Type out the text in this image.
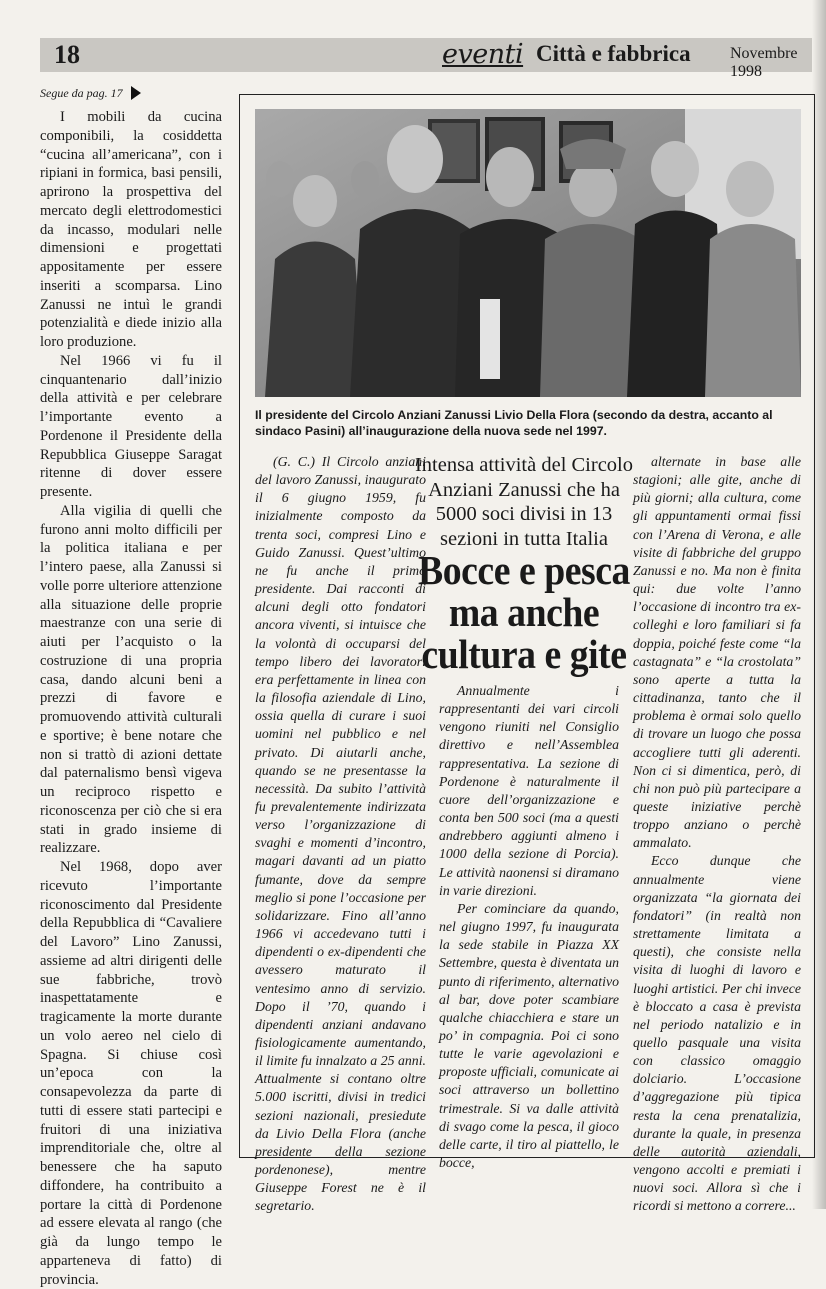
18	eventi Città e fabbrica Novembre 1998
Segue da pag. 17

I mobili da cucina componibili, la cosiddetta “cucina all’americana”, con i ripiani in formica, basi pensili, aprirono la prospettiva del mercato degli elettrodomestici da incasso, modulari nelle dimensioni e progettati appositamente per essere inseriti a scomparsa. Lino Zanussi ne intuì le grandi potenzialità e diede inizio alla loro produzione.

Nel 1966 vi fu il cinquantenario dall’inizio della attività e per celebrare l’importante evento a Pordenone il Presidente della Repubblica Giuseppe Saragat ritenne di dover essere presente.

Alla vigilia di quelli che furono anni molto difficili per la politica italiana e per l’intero paese, alla Zanussi si volle porre ulteriore attenzione alla situazione delle proprie maestranze con una serie di aiuti per l’acquisto o la costruzione di una propria casa, dando alcuni beni a prezzi di favore e promuovendo attività culturali e sportive; è bene notare che non si trattò di azioni dettate dal paternalismo bensì vigeva un reciproco rispetto e riconoscenza per ciò che si era stati in grado insieme di realizzare.

Nel 1968, dopo aver ricevuto l’importante riconoscimento dal Presidente della Repubblica di “Cavaliere del Lavoro” Lino Zanussi, assieme ad altri dirigenti delle sue fabbriche, trovò inaspettatamente e tragicamente la morte durante un volo aereo nel cielo di Spagna. Si chiuse così un’epoca con la consapevolezza da parte di tutti di essere stati partecipi e fruitori di una iniziativa imprenditoriale che, oltre al benessere che ha saputo diffondere, ha contribuito a portare la città di Pordenone ad essere elevata al rango (che già da lungo tempo le apparteneva di fatto) di provincia.

Il presidente del Circolo Anziani Zanussi Livio Della Flora (secondo da destra, accanto al sindaco Pasini) all’inaugurazione della nuova sede nel 1997.

(G. C.) Il Circolo anziani del lavoro Zanussi, inaugurato il 6 giugno 1959, fu inizialmente composto da trenta soci, compresi Lino e Guido Zanussi. Quest’ultimo ne fu anche il primo presidente. Dai racconti di alcuni degli otto fondatori ancora viventi, si intuisce che la volontà di occuparsi del tempo libero dei lavoratori era perfettamente in linea con la filosofia aziendale di Lino, ossia quella di curare i suoi uomini nel pubblico e nel privato. Di aiutarli anche, quando se ne presentasse la necessità. Da subito l’attività fu prevalentemente indirizzata verso l’organizzazione di svaghi e momenti d’incontro, magari davanti ad un piatto fumante, dove da sempre meglio si pone l’occasione per solidarizzare. Fino all’anno 1966 vi accedevano tutti i dipendenti o ex-dipendenti che avessero maturato il ventesimo anno di servizio. Dopo il ’70, quando i dipendenti anziani andavano fisiologicamente aumentando, il limite fu innalzato a 25 anni. Attualmente si contano oltre 5.000 iscritti, divisi in tredici sezioni nazionali, presiedute da Livio Della Flora (anche presidente della sezione pordenonese), mentre Giuseppe Forest ne è il segretario.

Intensa attività del Circolo Anziani Zanussi che ha 5000 soci divisi in 13 sezioni in tutta Italia
Bocce e pesca ma anche cultura e gite

Annualmente i rappresentanti dei vari circoli vengono riuniti nel Consiglio direttivo e nell’Assemblea rappresentativa. La sezione di Pordenone è naturalmente il cuore dell’organizzazione e conta ben 500 soci (ma a questi andrebbero aggiunti almeno i 1000 della sezione di Porcia). Le attività naonensi si diramano in varie direzioni.

Per cominciare da quando, nel giugno 1997, fu inaugurata la sede stabile in Piazza XX Settembre, questa è diventata un punto di riferimento, alternativo al bar, dove poter scambiare qualche chiacchiera e stare un po’ in compagnia. Poi ci sono tutte le varie agevolazioni e proposte ufficiali, comunicate ai soci attraverso un bollettino trimestrale. Si va dalle attività di svago come la pesca, il gioco delle carte, il tiro al piattello, le bocce,

alternate in base alle stagioni; alle gite, anche di più giorni; alla cultura, come gli appuntamenti ormai fissi con l’Arena di Verona, e alle visite di fabbriche del gruppo Zanussi e no. Ma non è finita qui: due volte l’anno l’occasione di incontro tra ex-colleghi e loro familiari si fa doppia, poiché feste come “la castagnata” e “la crostolata” sono aperte a tutta la cittadinanza, tanto che il problema è ormai solo quello di trovare un luogo che possa accogliere tutti gli aderenti. Non ci si dimentica, però, di chi non può più partecipare a queste iniziative perchè troppo anziano o perchè ammalato.

Ecco dunque che annualmente viene organizzata “la giornata dei fondatori” (in realtà non strettamente limitata a questi), che consiste nella visita di luoghi di lavoro e luoghi artistici. Per chi invece è bloccato a casa è prevista nel periodo natalizio e in quello pasquale una visita con classico omaggio dolciario. L’occasione d’aggregazione più tipica resta la cena prenatalizia, durante la quale, in presenza delle autorità aziendali, vengono accolti e premiati i nuovi soci. Allora sì che i ricordi si mettono a correre...
